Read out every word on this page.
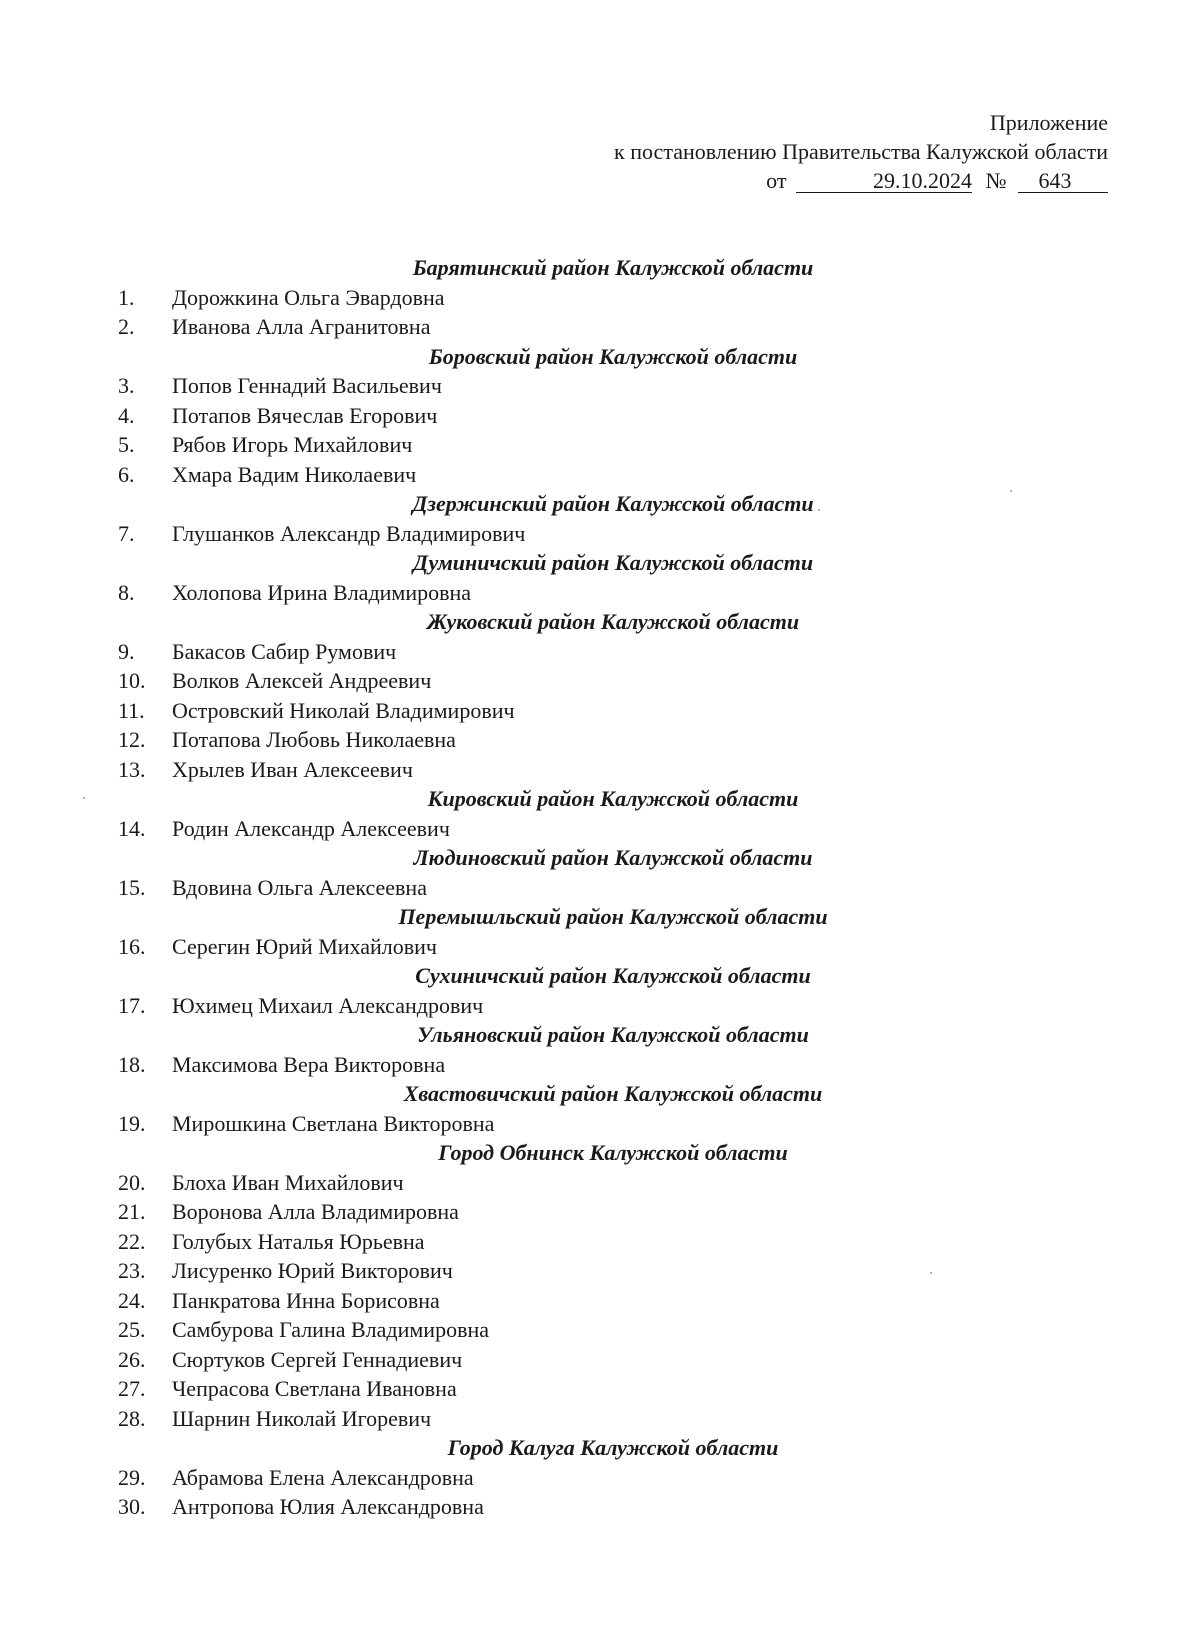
Приложение
к постановлению Правительства Калужской области
от	29.10.2024 № 643
Барятинский район Калужской области
1.	Дорожкина Ольга Эвардовна
2.	Иванова Алла Агранитовна
Боровский район Калужской области
3.	Попов Геннадий Васильевич
4.	Потапов Вячеслав Егорович
5.	Рябов Игорь Михайлович
6.	Хмара Вадим Николаевич
Дзержинский район Калужской области
7.	Глушанков Александр Владимирович
Думиничский район Калужской области
8.	Холопова Ирина Владимировна
Жуковский район Калужской области
9.	Бакасов Сабир Румович
10.	Волков Алексей Андреевич
11.	Островский Николай Владимирович
12.	Потапова Любовь Николаевна
13.	Хрылев Иван Алексеевич
Кировский район Калужской области
14.	Родин Александр Алексеевич
Людиновский район Калужской области
15.	Вдовина Ольга Алексеевна
Перемышльский район Калужской области
16.	Серегин Юрий Михайлович
Сухиничский район Калужской области
17.	Юхимец Михаил Александрович
Ульяновский район Калужской области
18.	Максимова Вера Викторовна
Хвастовичский район Калужской области
19.	Мирошкина Светлана Викторовна
Город Обнинск Калужской области
20.	Блоха Иван Михайлович
21.	Воронова Алла Владимировна
22.	Голубых Наталья Юрьевна
23.	Лисуренко Юрий Викторович
24.	Панкратова Инна Борисовна
25.	Самбурова Галина Владимировна
26.	Сюртуков Сергей Геннадиевич
27.	Чепрасова Светлана Ивановна
28.	Шарнин Николай Игоревич
Город Калуга Калужской области
29.	Абрамова Елена Александровна
30.	Антропова Юлия Александровна
